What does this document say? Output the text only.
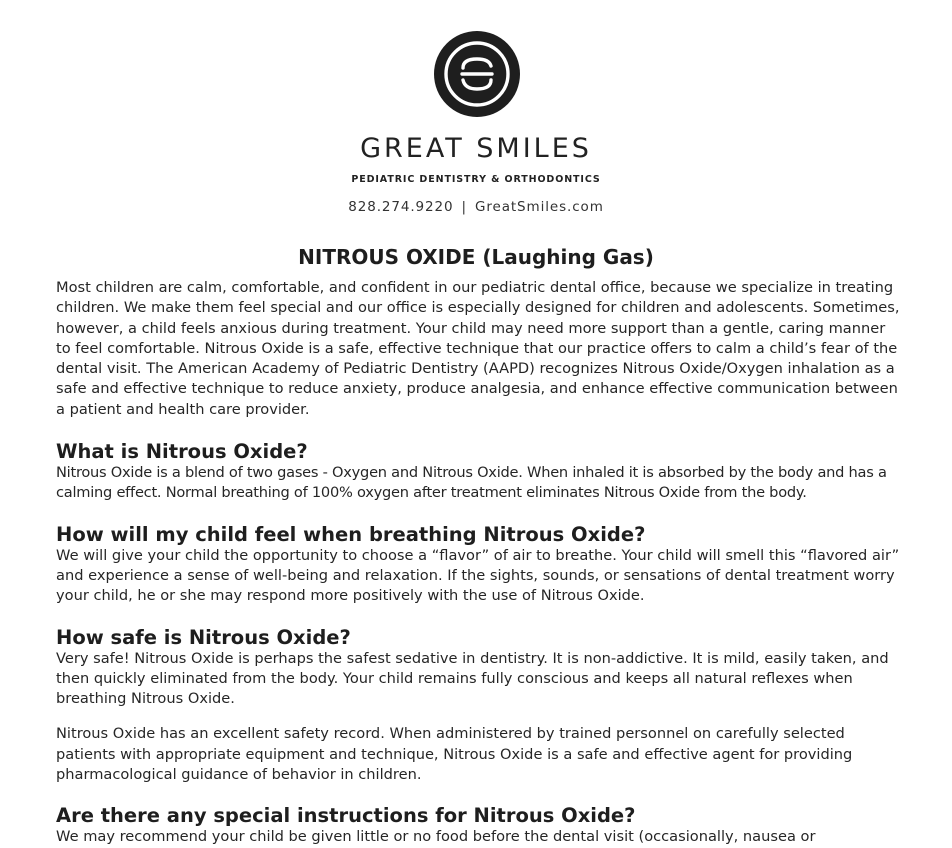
GREAT SMILES
PEDIATRIC DENTISTRY & ORTHODONTICS
828.274.9220 | GreatSmiles.com
NITROUS OXIDE (Laughing Gas)

Most children are calm, comfortable, and confident in our pediatric dental office, because we specialize in treating children. We make them feel special and our office is especially designed for children and adolescents. Sometimes, however, a child feels anxious during treatment. Your child may need more support than a gentle, caring manner to feel comfortable. Nitrous Oxide is a safe, effective technique that our practice offers to calm a child’s fear of the dental visit. The American Academy of Pediatric Dentistry (AAPD) recognizes Nitrous Oxide/Oxygen inhalation as a safe and effective technique to reduce anxiety, produce analgesia, and enhance effective communication between a patient and health care provider.

What is Nitrous Oxide?

Nitrous Oxide is a blend of two gases - Oxygen and Nitrous Oxide. When inhaled it is absorbed by the body and has a calming effect. Normal breathing of 100% oxygen after treatment eliminates Nitrous Oxide from the body.

How will my child feel when breathing Nitrous Oxide?

We will give your child the opportunity to choose a “flavor” of air to breathe. Your child will smell this “flavored air” and experience a sense of well-being and relaxation. If the sights, sounds, or sensations of dental treatment worry your child, he or she may respond more positively with the use of Nitrous Oxide.

How safe is Nitrous Oxide?

Very safe! Nitrous Oxide is perhaps the safest sedative in dentistry. It is non-addictive. It is mild, easily taken, and then quickly eliminated from the body. Your child remains fully conscious and keeps all natural reflexes when breathing Nitrous Oxide.

Nitrous Oxide has an excellent safety record. When administered by trained personnel on carefully selected patients with appropriate equipment and technique, Nitrous Oxide is a safe and effective agent for providing pharmacological guidance of behavior in children.

Are there any special instructions for Nitrous Oxide?

We may recommend your child be given little or no food before the dental visit (occasionally, nausea or
